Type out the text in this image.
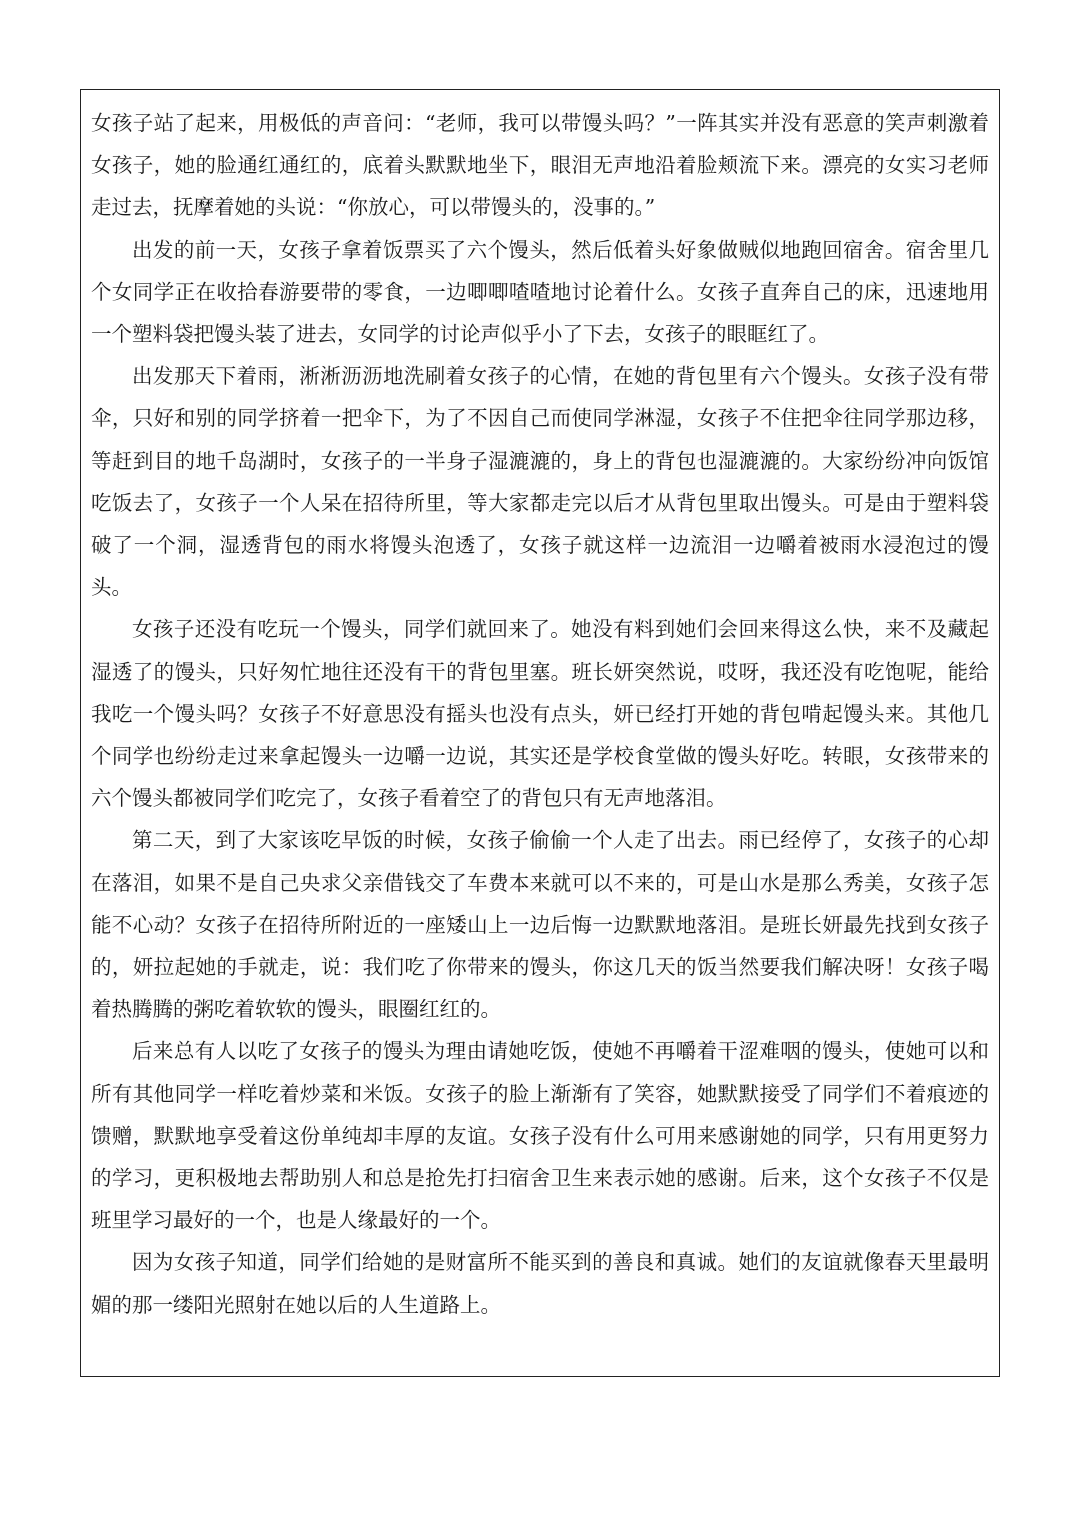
女孩子站了起来，用极低的声音问：“老师，我可以带馒头吗？”一阵其实并没有恶意的笑声刺激着女孩子，她的脸通红通红的，底着头默默地坐下，眼泪无声地沿着脸颊流下来。漂亮的女实习老师走过去，抚摩着她的头说：“你放心，可以带馒头的，没事的。”

出发的前一天，女孩子拿着饭票买了六个馒头，然后低着头好象做贼似地跑回宿舍。宿舍里几个女同学正在收拾春游要带的零食，一边唧唧喳喳地讨论着什么。女孩子直奔自己的床，迅速地用一个塑料袋把馒头装了进去，女同学的讨论声似乎小了下去，女孩子的眼眶红了。

出发那天下着雨，淅淅沥沥地洗刷着女孩子的心情，在她的背包里有六个馒头。女孩子没有带伞，只好和别的同学挤着一把伞下，为了不因自己而使同学淋湿，女孩子不住把伞往同学那边移，等赶到目的地千岛湖时，女孩子的一半身子湿漉漉的，身上的背包也湿漉漉的。大家纷纷冲向饭馆吃饭去了，女孩子一个人呆在招待所里，等大家都走完以后才从背包里取出馒头。可是由于塑料袋破了一个洞，湿透背包的雨水将馒头泡透了，女孩子就这样一边流泪一边嚼着被雨水浸泡过的馒头。

女孩子还没有吃玩一个馒头，同学们就回来了。她没有料到她们会回来得这么快，来不及藏起湿透了的馒头，只好匆忙地往还没有干的背包里塞。班长妍突然说，哎呀，我还没有吃饱呢，能给我吃一个馒头吗？女孩子不好意思没有摇头也没有点头，妍已经打开她的背包啃起馒头来。其他几个同学也纷纷走过来拿起馒头一边嚼一边说，其实还是学校食堂做的馒头好吃。转眼，女孩带来的六个馒头都被同学们吃完了，女孩子看着空了的背包只有无声地落泪。

第二天，到了大家该吃早饭的时候，女孩子偷偷一个人走了出去。雨已经停了，女孩子的心却在落泪，如果不是自己央求父亲借钱交了车费本来就可以不来的，可是山水是那么秀美，女孩子怎能不心动？女孩子在招待所附近的一座矮山上一边后悔一边默默地落泪。是班长妍最先找到女孩子的，妍拉起她的手就走，说：我们吃了你带来的馒头，你这几天的饭当然要我们解决呀！女孩子喝着热腾腾的粥吃着软软的馒头，眼圈红红的。

后来总有人以吃了女孩子的馒头为理由请她吃饭，使她不再嚼着干涩难咽的馒头，使她可以和所有其他同学一样吃着炒菜和米饭。女孩子的脸上渐渐有了笑容，她默默接受了同学们不着痕迹的馈赠，默默地享受着这份单纯却丰厚的友谊。女孩子没有什么可用来感谢她的同学，只有用更努力的学习，更积极地去帮助别人和总是抢先打扫宿舍卫生来表示她的感谢。后来，这个女孩子不仅是班里学习最好的一个，也是人缘最好的一个。

因为女孩子知道，同学们给她的是财富所不能买到的善良和真诚。她们的友谊就像春天里最明媚的那一缕阳光照射在她以后的人生道路上。
